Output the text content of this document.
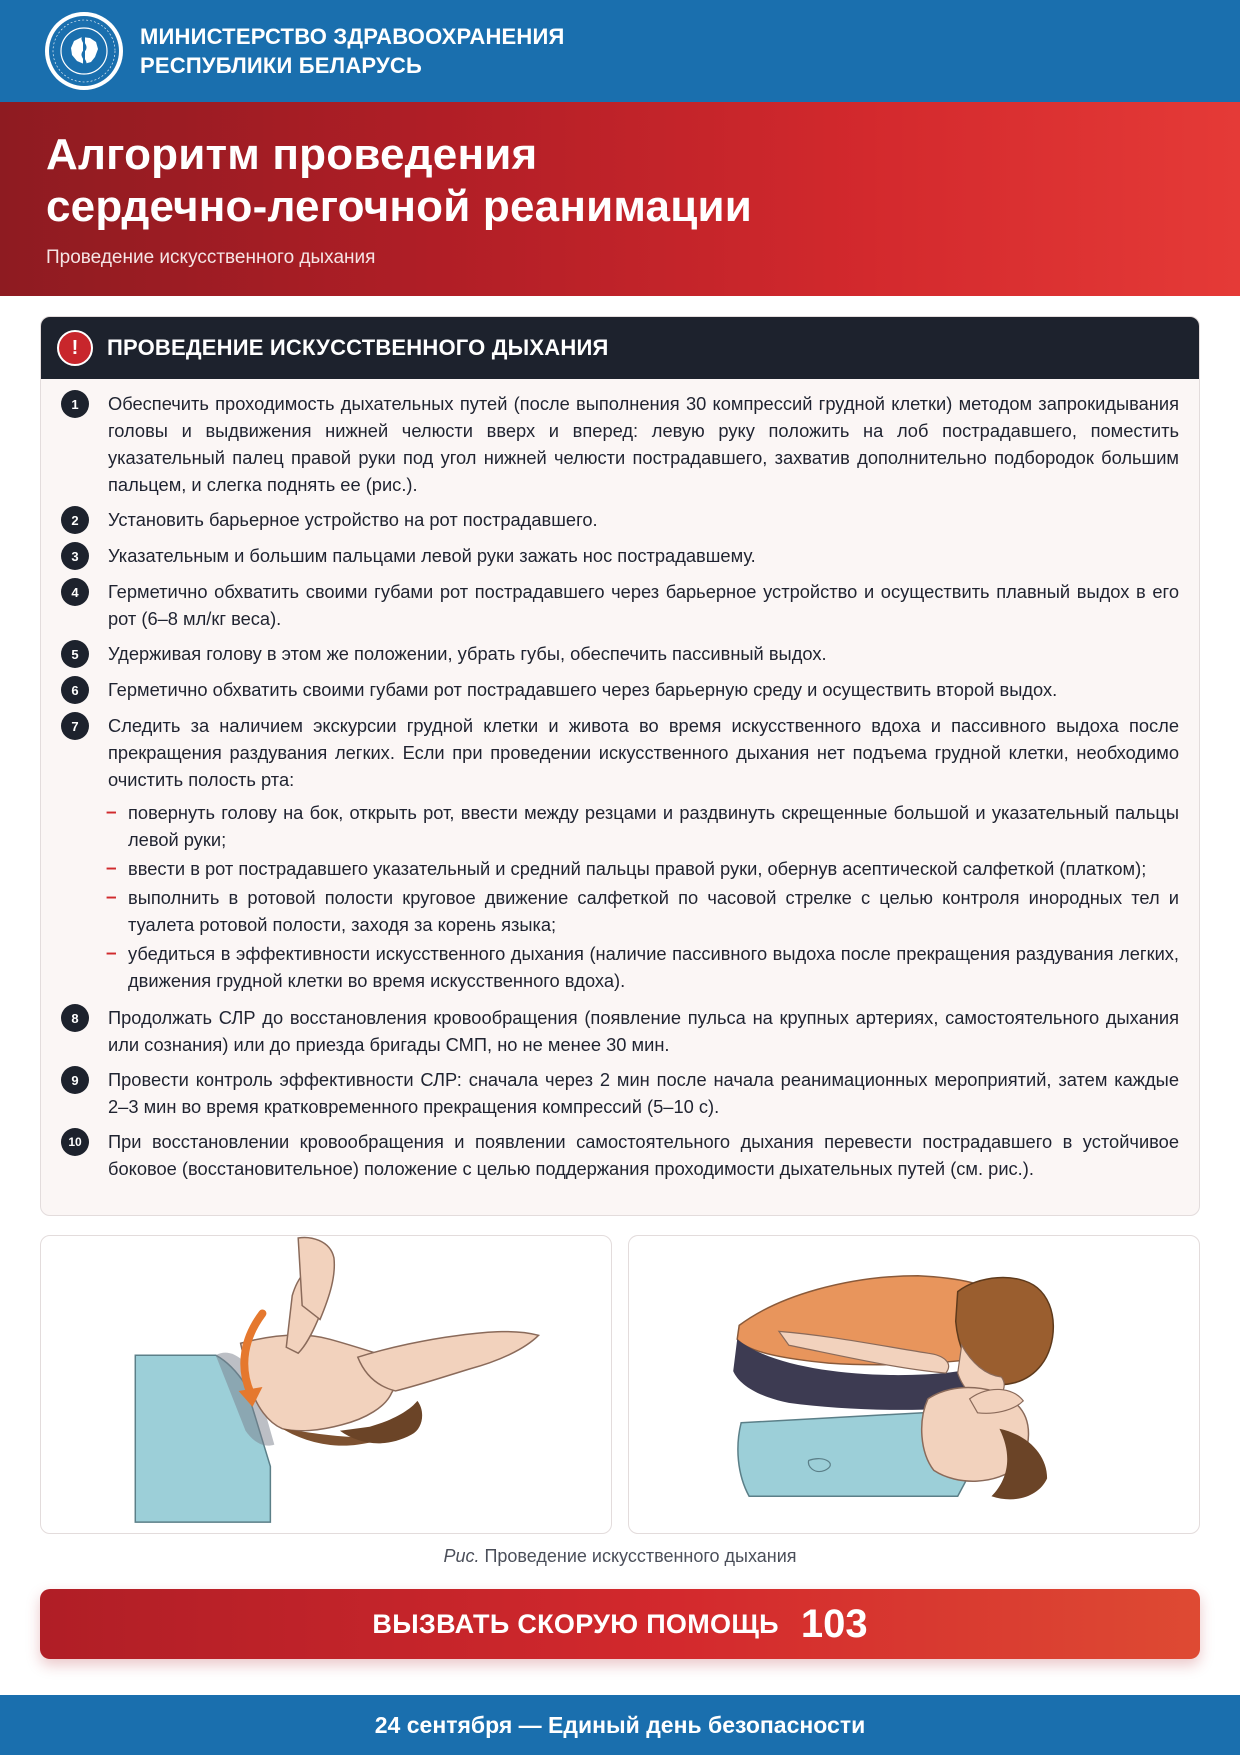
МИНИСТЕРСТВО ЗДРАВООХРАНЕНИЯ
РЕСПУБЛИКИ БЕЛАРУСЬ
Алгоритм проведения
сердечно-легочной реанимации
Проведение искусственного дыхания
!	ПРОВЕДЕНИЕ ИСКУССТВЕННОГО ДЫХАНИЯ
1	Обеспечить проходимость дыхательных путей (после выполнения 30 компрессий грудной клетки) методом запрокидывания головы и выдвижения нижней челюсти вверх и вперед: левую руку положить на лоб пострадавшего, поместить указательный палец правой руки под угол нижней челюсти пострадавшего, захватив дополнительно подбородок большим пальцем, и слегка поднять ее (рис.).
2	Установить барьерное устройство на рот пострадавшего.
3	Указательным и большим пальцами левой руки зажать нос пострадавшему.
4	Герметично обхватить своими губами рот пострадавшего через барьерное устройство и осуществить плавный выдох в его рот (6–8 мл/кг веса).
5	Удерживая голову в этом же положении, убрать губы, обеспечить пассивный выдох.
6	Герметично обхватить своими губами рот пострадавшего через барьерную среду и осуществить второй выдох.
7	Следить за наличием экскурсии грудной клетки и живота во время искусственного вдоха и пассивного выдоха после прекращения раздувания легких. Если при проведении искусственного дыхания нет подъема грудной клетки, необходимо очистить полость рта:
– повернуть голову на бок, открыть рот, ввести между резцами и раздвинуть скрещенные большой и указательный пальцы левой руки;
– ввести в рот пострадавшего указательный и средний пальцы правой руки, обернув асептической салфеткой (платком);
– выполнить в ротовой полости круговое движение салфеткой по часовой стрелке с целью контроля инородных тел и туалета ротовой полости, заходя за корень языка;
– убедиться в эффективности искусственного дыхания (наличие пассивного выдоха после прекращения раздувания легких, движения грудной клетки во время искусственного вдоха).
8	Продолжать СЛР до восстановления кровообращения (появление пульса на крупных артериях, самостоятельного дыхания или сознания) или до приезда бригады СМП, но не менее 30 мин.
9	Провести контроль эффективности СЛР: сначала через 2 мин после начала реанимационных мероприятий, затем каждые 2–3 мин во время кратковременного прекращения компрессий (5–10 с).
10	При восстановлении кровообращения и появлении самостоятельного дыхания перевести пострадавшего в устойчивое боковое (восстановительное) положение с целью поддержания проходимости дыхательных путей (см. рис.).
Рис. Проведение искусственного дыхания
ВЫЗВАТЬ СКОРУЮ ПОМОЩЬ 103
24 сентября — Единый день безопасности
